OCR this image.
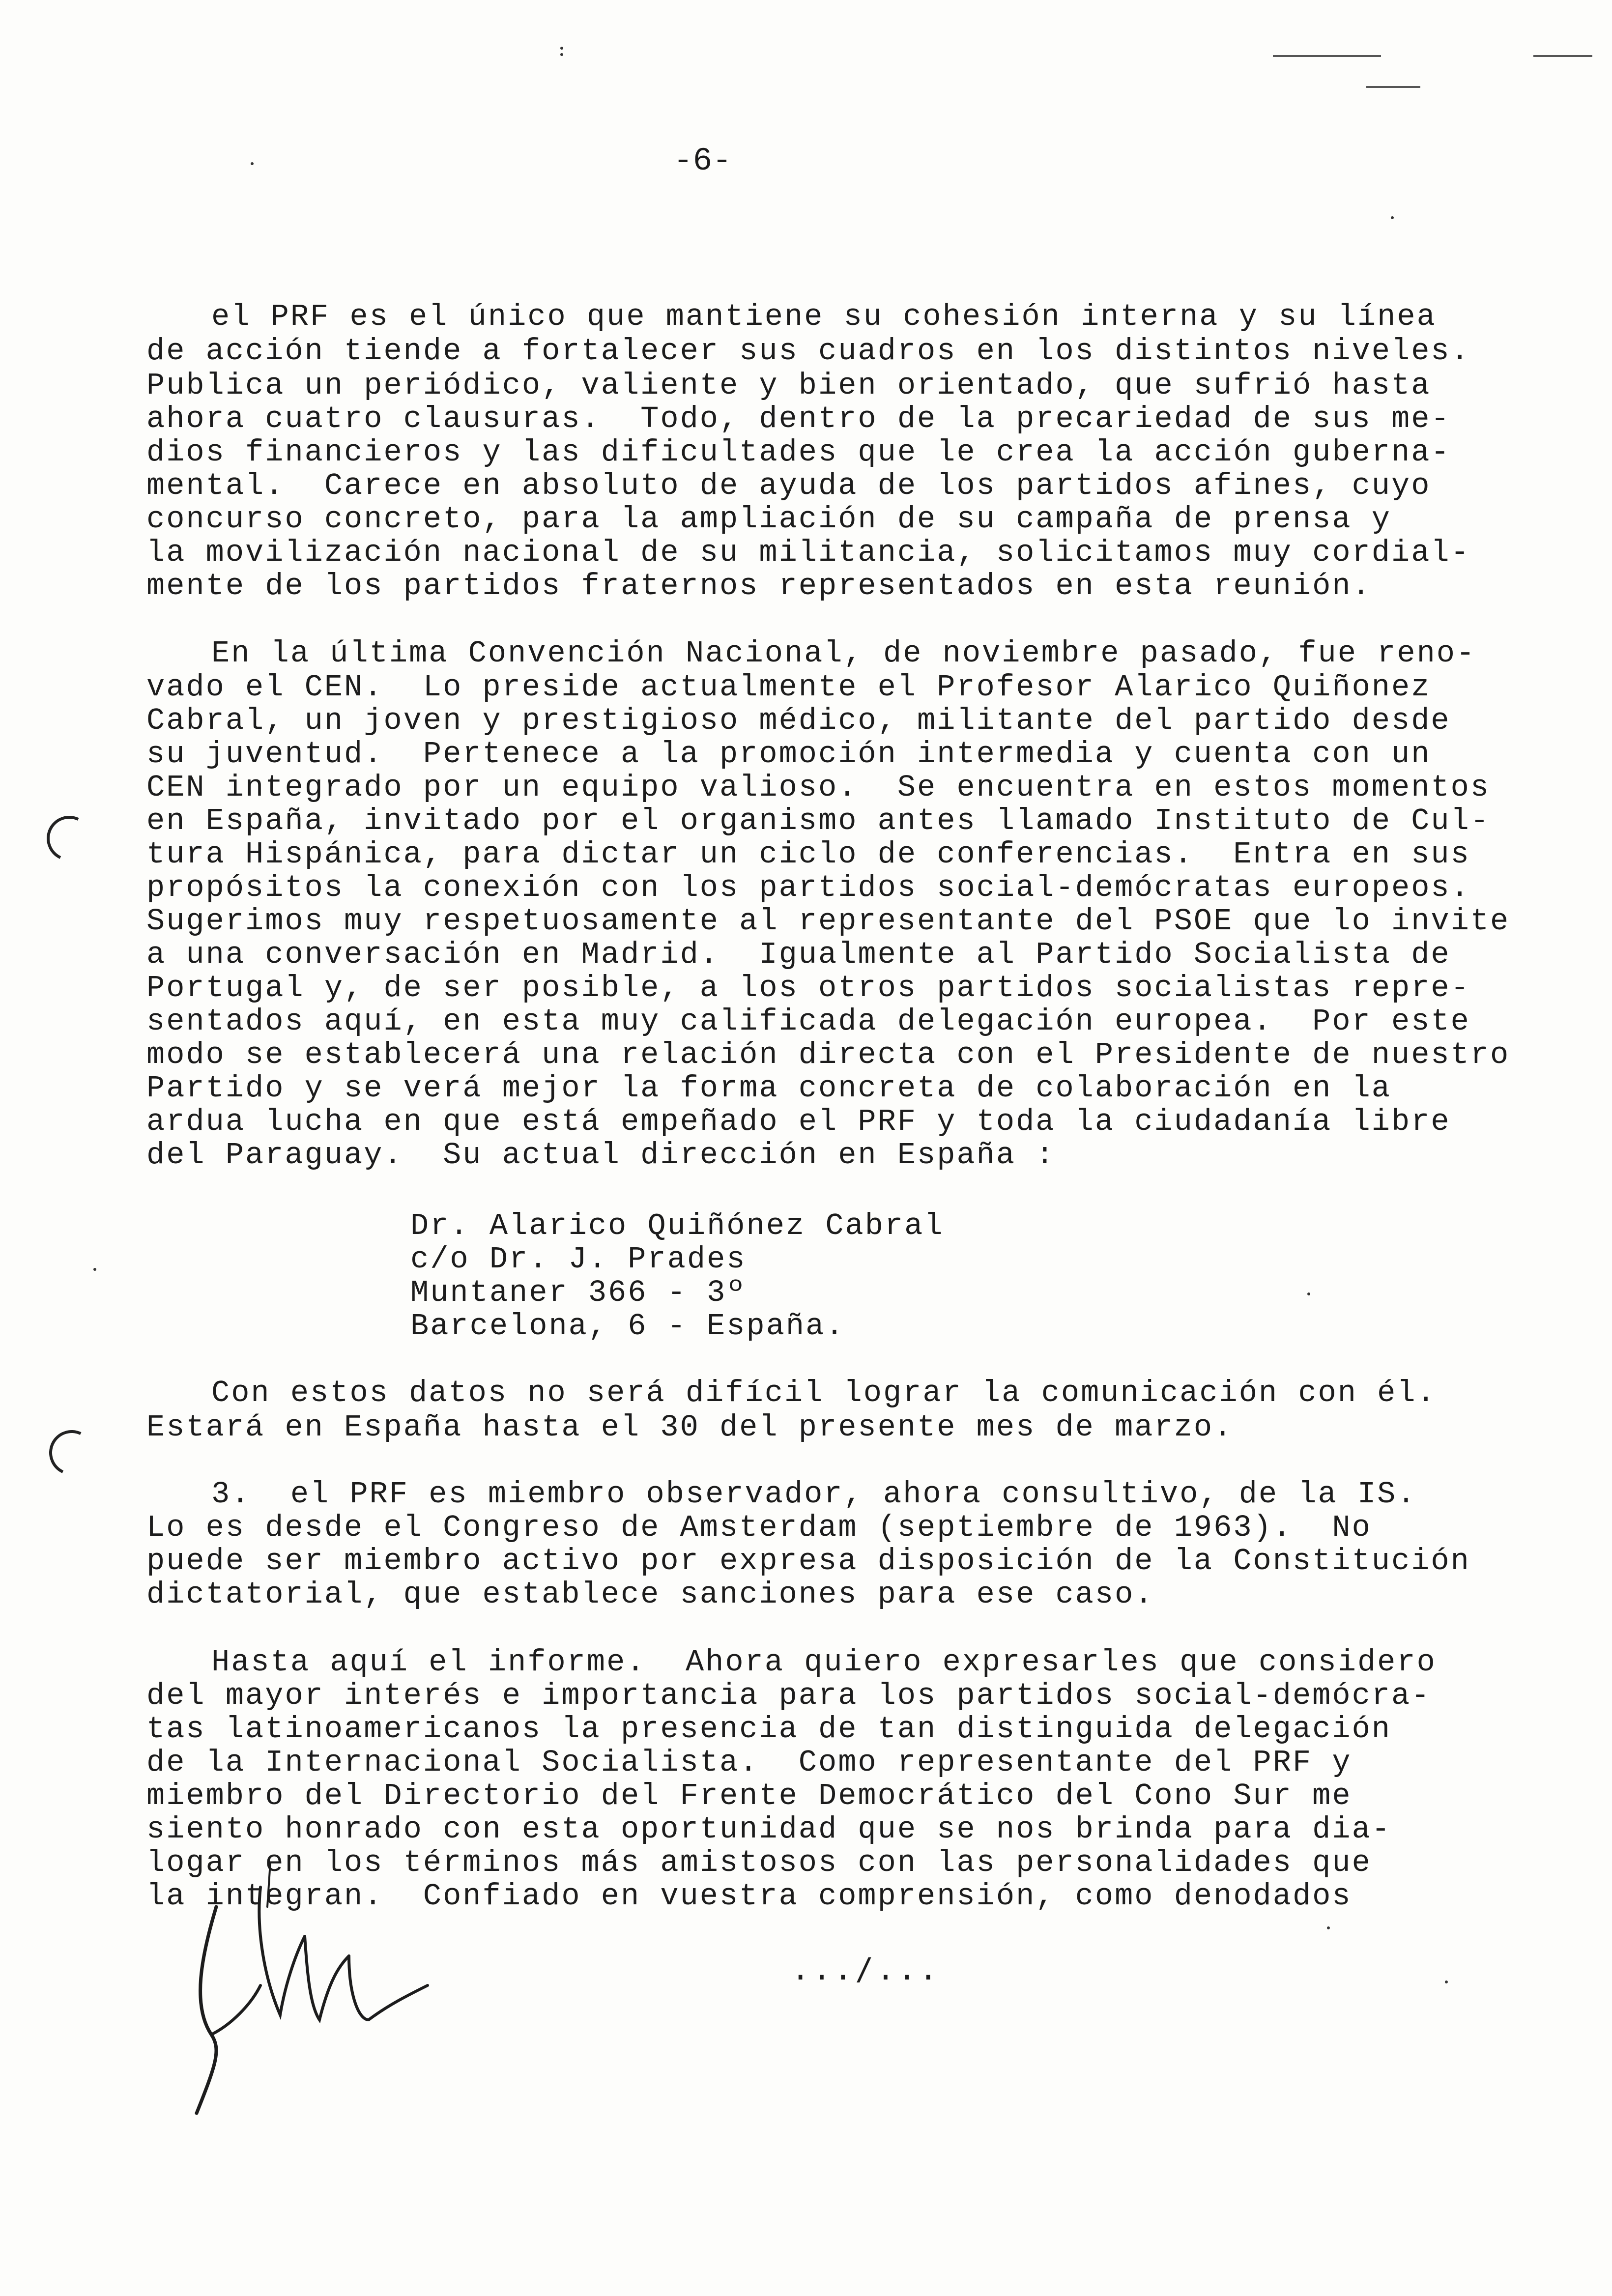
-6-

el PRF es el único que mantiene su cohesión interna y su línea

de acción tiende a fortalecer sus cuadros en los distintos niveles.

Publica un periódico, valiente y bien orientado, que sufrió hasta

ahora cuatro clausuras.  Todo, dentro de la precariedad de sus me-

dios financieros y las dificultades que le crea la acción guberna-

mental.  Carece en absoluto de ayuda de los partidos afines, cuyo

concurso concreto, para la ampliación de su campaña de prensa y

la movilización nacional de su militancia, solicitamos muy cordial-

mente de los partidos fraternos representados en esta reunión.

En la última Convención Nacional, de noviembre pasado, fue reno-

vado el CEN.  Lo preside actualmente el Profesor Alarico Quiñonez

Cabral, un joven y prestigioso médico, militante del partido desde

su juventud.  Pertenece a la promoción intermedia y cuenta con un

CEN integrado por un equipo valioso.  Se encuentra en estos momentos

en España, invitado por el organismo antes llamado Instituto de Cul-

tura Hispánica, para dictar un ciclo de conferencias.  Entra en sus

propósitos la conexión con los partidos social-demócratas europeos.

Sugerimos muy respetuosamente al representante del PSOE que lo invite

a una conversación en Madrid.  Igualmente al Partido Socialista de

Portugal y, de ser posible, a los otros partidos socialistas repre-

sentados aquí, en esta muy calificada delegación europea.  Por este

modo se establecerá una relación directa con el Presidente de nuestro

Partido y se verá mejor la forma concreta de colaboración en la

ardua lucha en que está empeñado el PRF y toda la ciudadanía libre

del Paraguay.  Su actual dirección en España :

Dr. Alarico Quiñónez Cabral

c/o Dr. J. Prades

Muntaner 366 - 3º

Barcelona, 6 - España.

Con estos datos no será difícil lograr la comunicación con él.

Estará en España hasta el 30 del presente mes de marzo.

3.  el PRF es miembro observador, ahora consultivo, de la IS.

Lo es desde el Congreso de Amsterdam (septiembre de 1963).  No

puede ser miembro activo por expresa disposición de la Constitución

dictatorial, que establece sanciones para ese caso.

Hasta aquí el informe.  Ahora quiero expresarles que considero

del mayor interés e importancia para los partidos social-demócra-

tas latinoamericanos la presencia de tan distinguida delegación

de la Internacional Socialista.  Como representante del PRF y

miembro del Directorio del Frente Democrático del Cono Sur me

siento honrado con esta oportunidad que se nos brinda para dia-

logar en los términos más amistosos con las personalidades que

la integran.  Confiado en vuestra comprensión, como denodados

.../...
